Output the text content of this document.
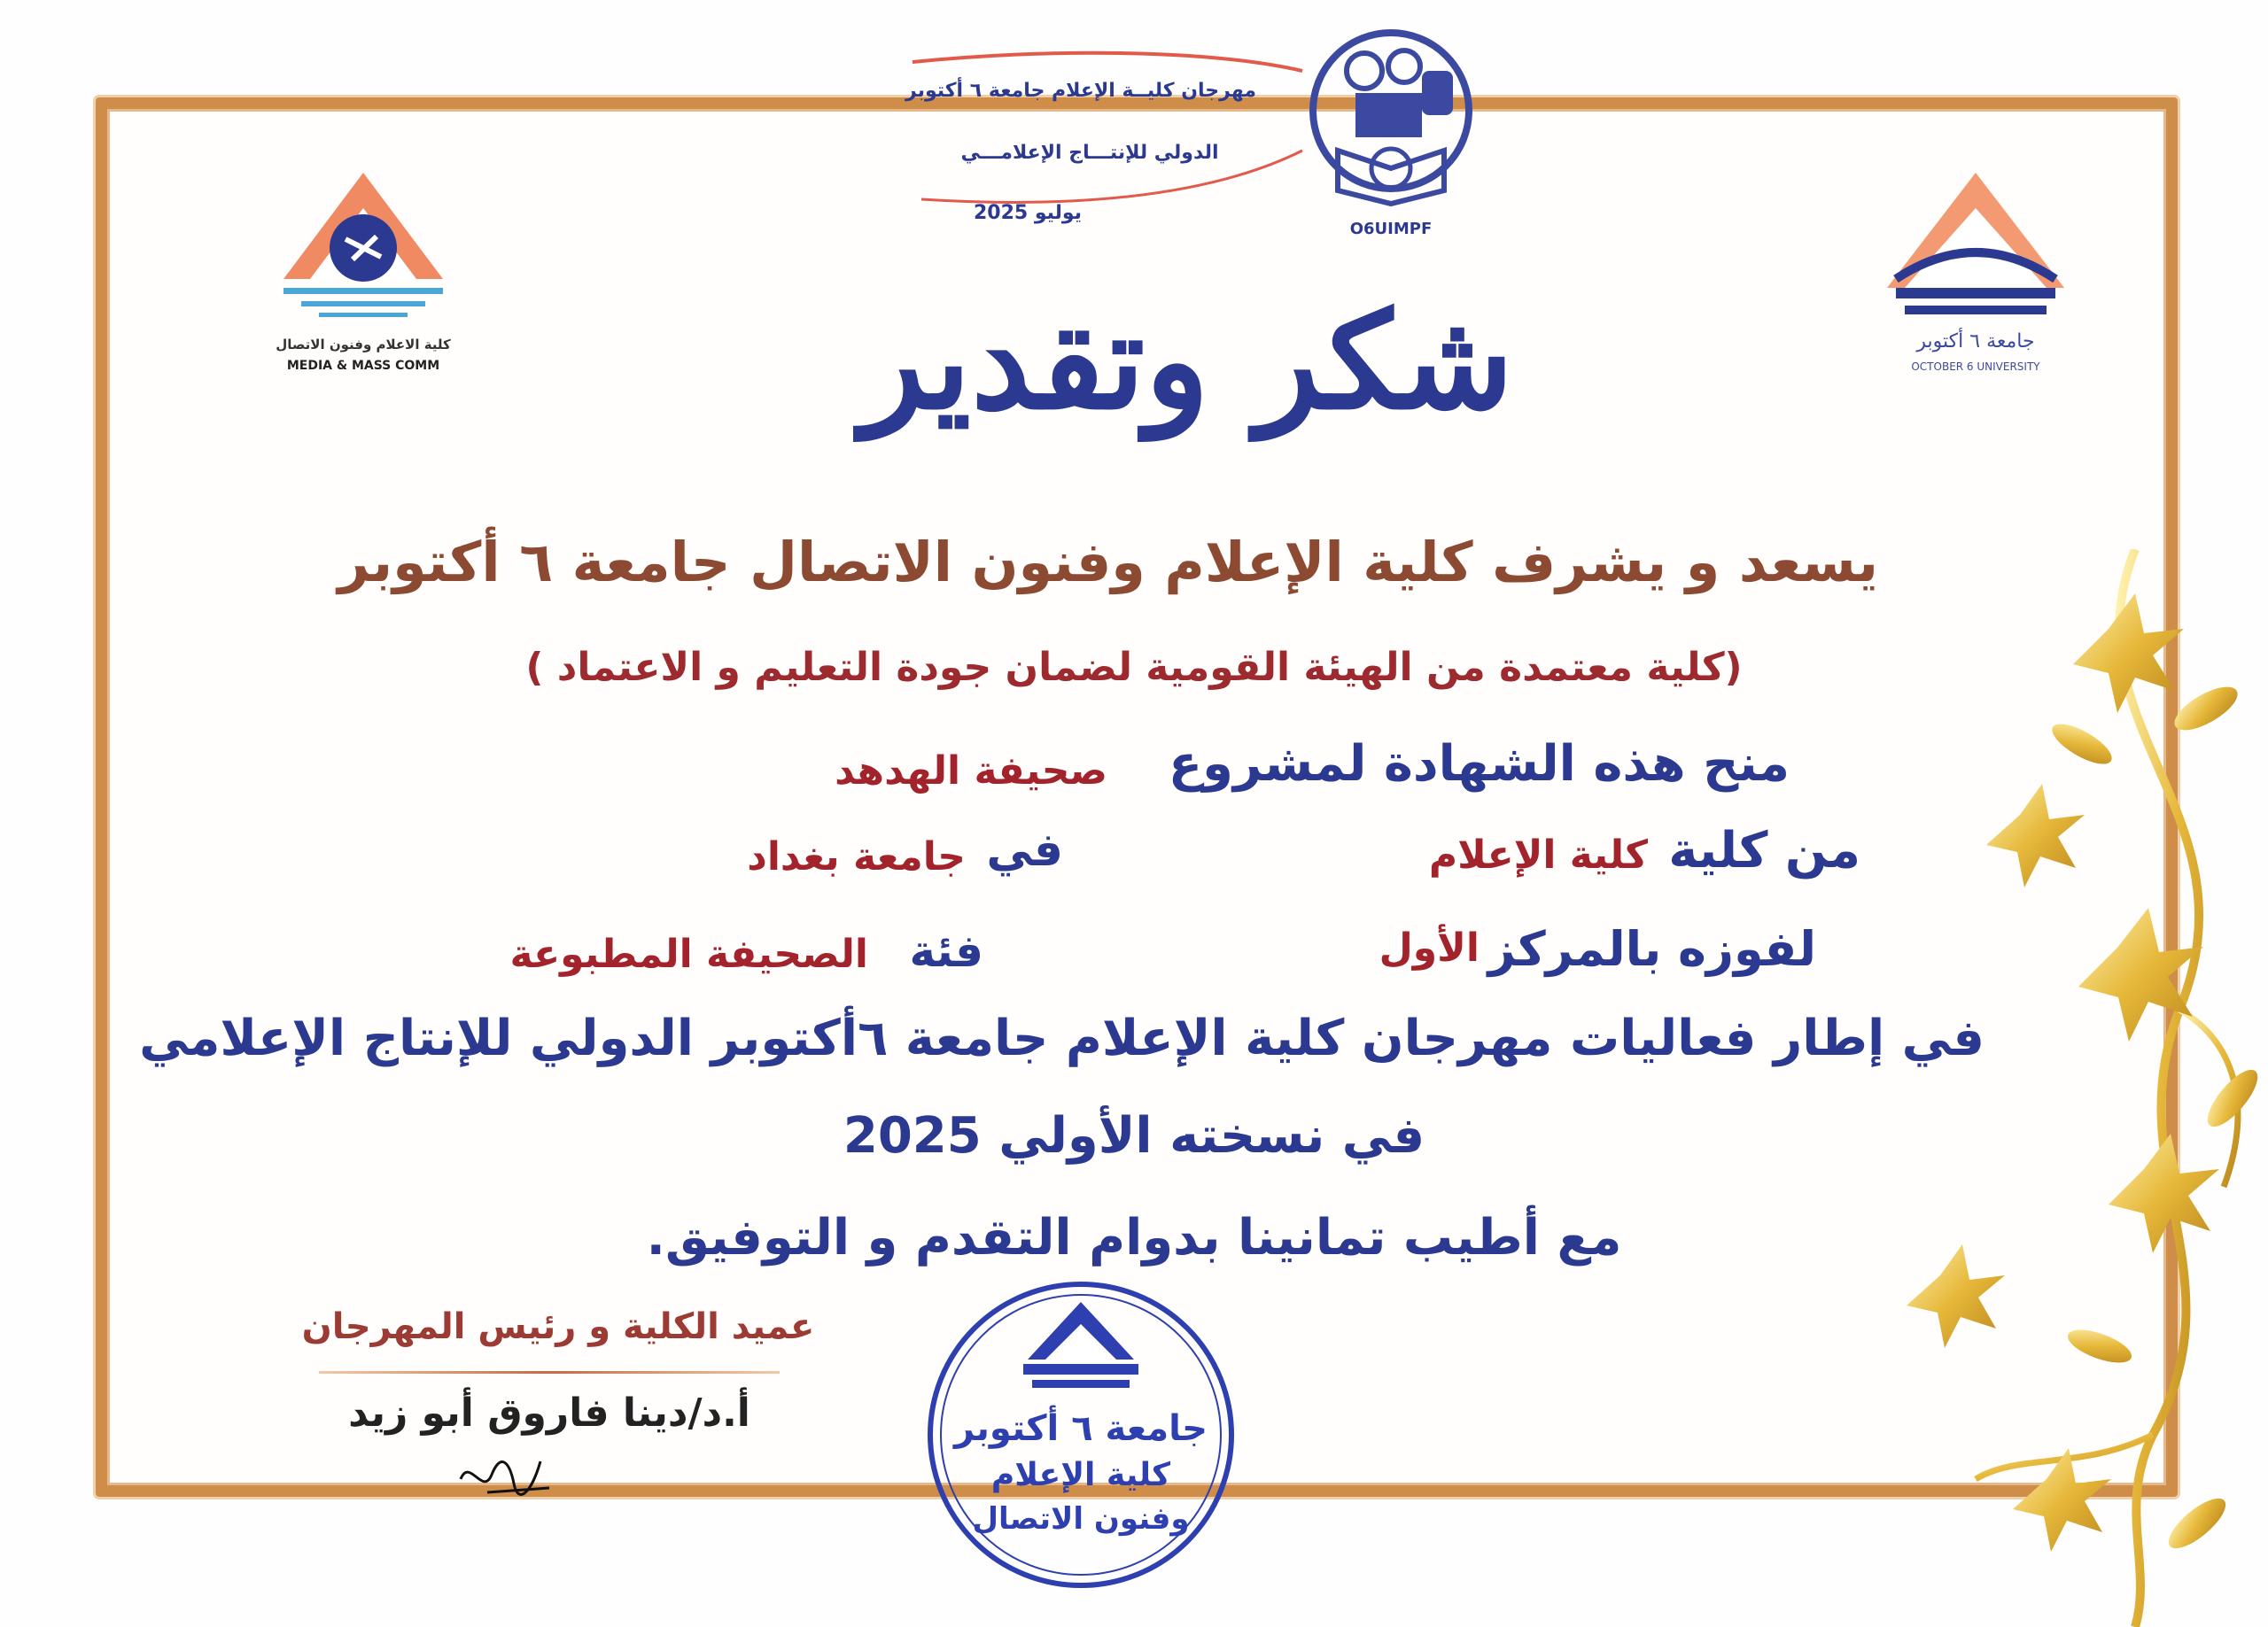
مهرجان كليــة الإعلام جامعة ٦ أكتوبر
الدولي للإنتـــاج الإعلامـــي
يوليو 2025
O6UIMPF
كلية الاعلام وفنون الاتصال
MEDIA & MASS COMM
جامعة ٦ أكتوبر
OCTOBER 6 UNIVERSITY
شكر وتقدير
يسعد و يشرف كلية الإعلام وفنون الاتصال جامعة ٦ أكتوبر
(كلية معتمدة من الهيئة القومية لضمان جودة التعليم و الاعتماد )
منح هذه الشهادة لمشروع
صحيفة الهدهد
من كلية
كلية الإعلام
في
جامعة بغداد
لفوزه بالمركز
الأول
فئة
الصحيفة المطبوعة
في إطار فعاليات مهرجان كلية الإعلام جامعة ٦أكتوبر الدولي للإنتاج الإعلامي
في نسخته الأولي 2025
مع أطيب تمانينا بدوام التقدم و التوفيق.
عميد الكلية و رئيس المهرجان
أ.د/دينا فاروق أبو زيد	جامعة ٦ أكتوبر
كلية الإعلام
وفنون الاتصال
